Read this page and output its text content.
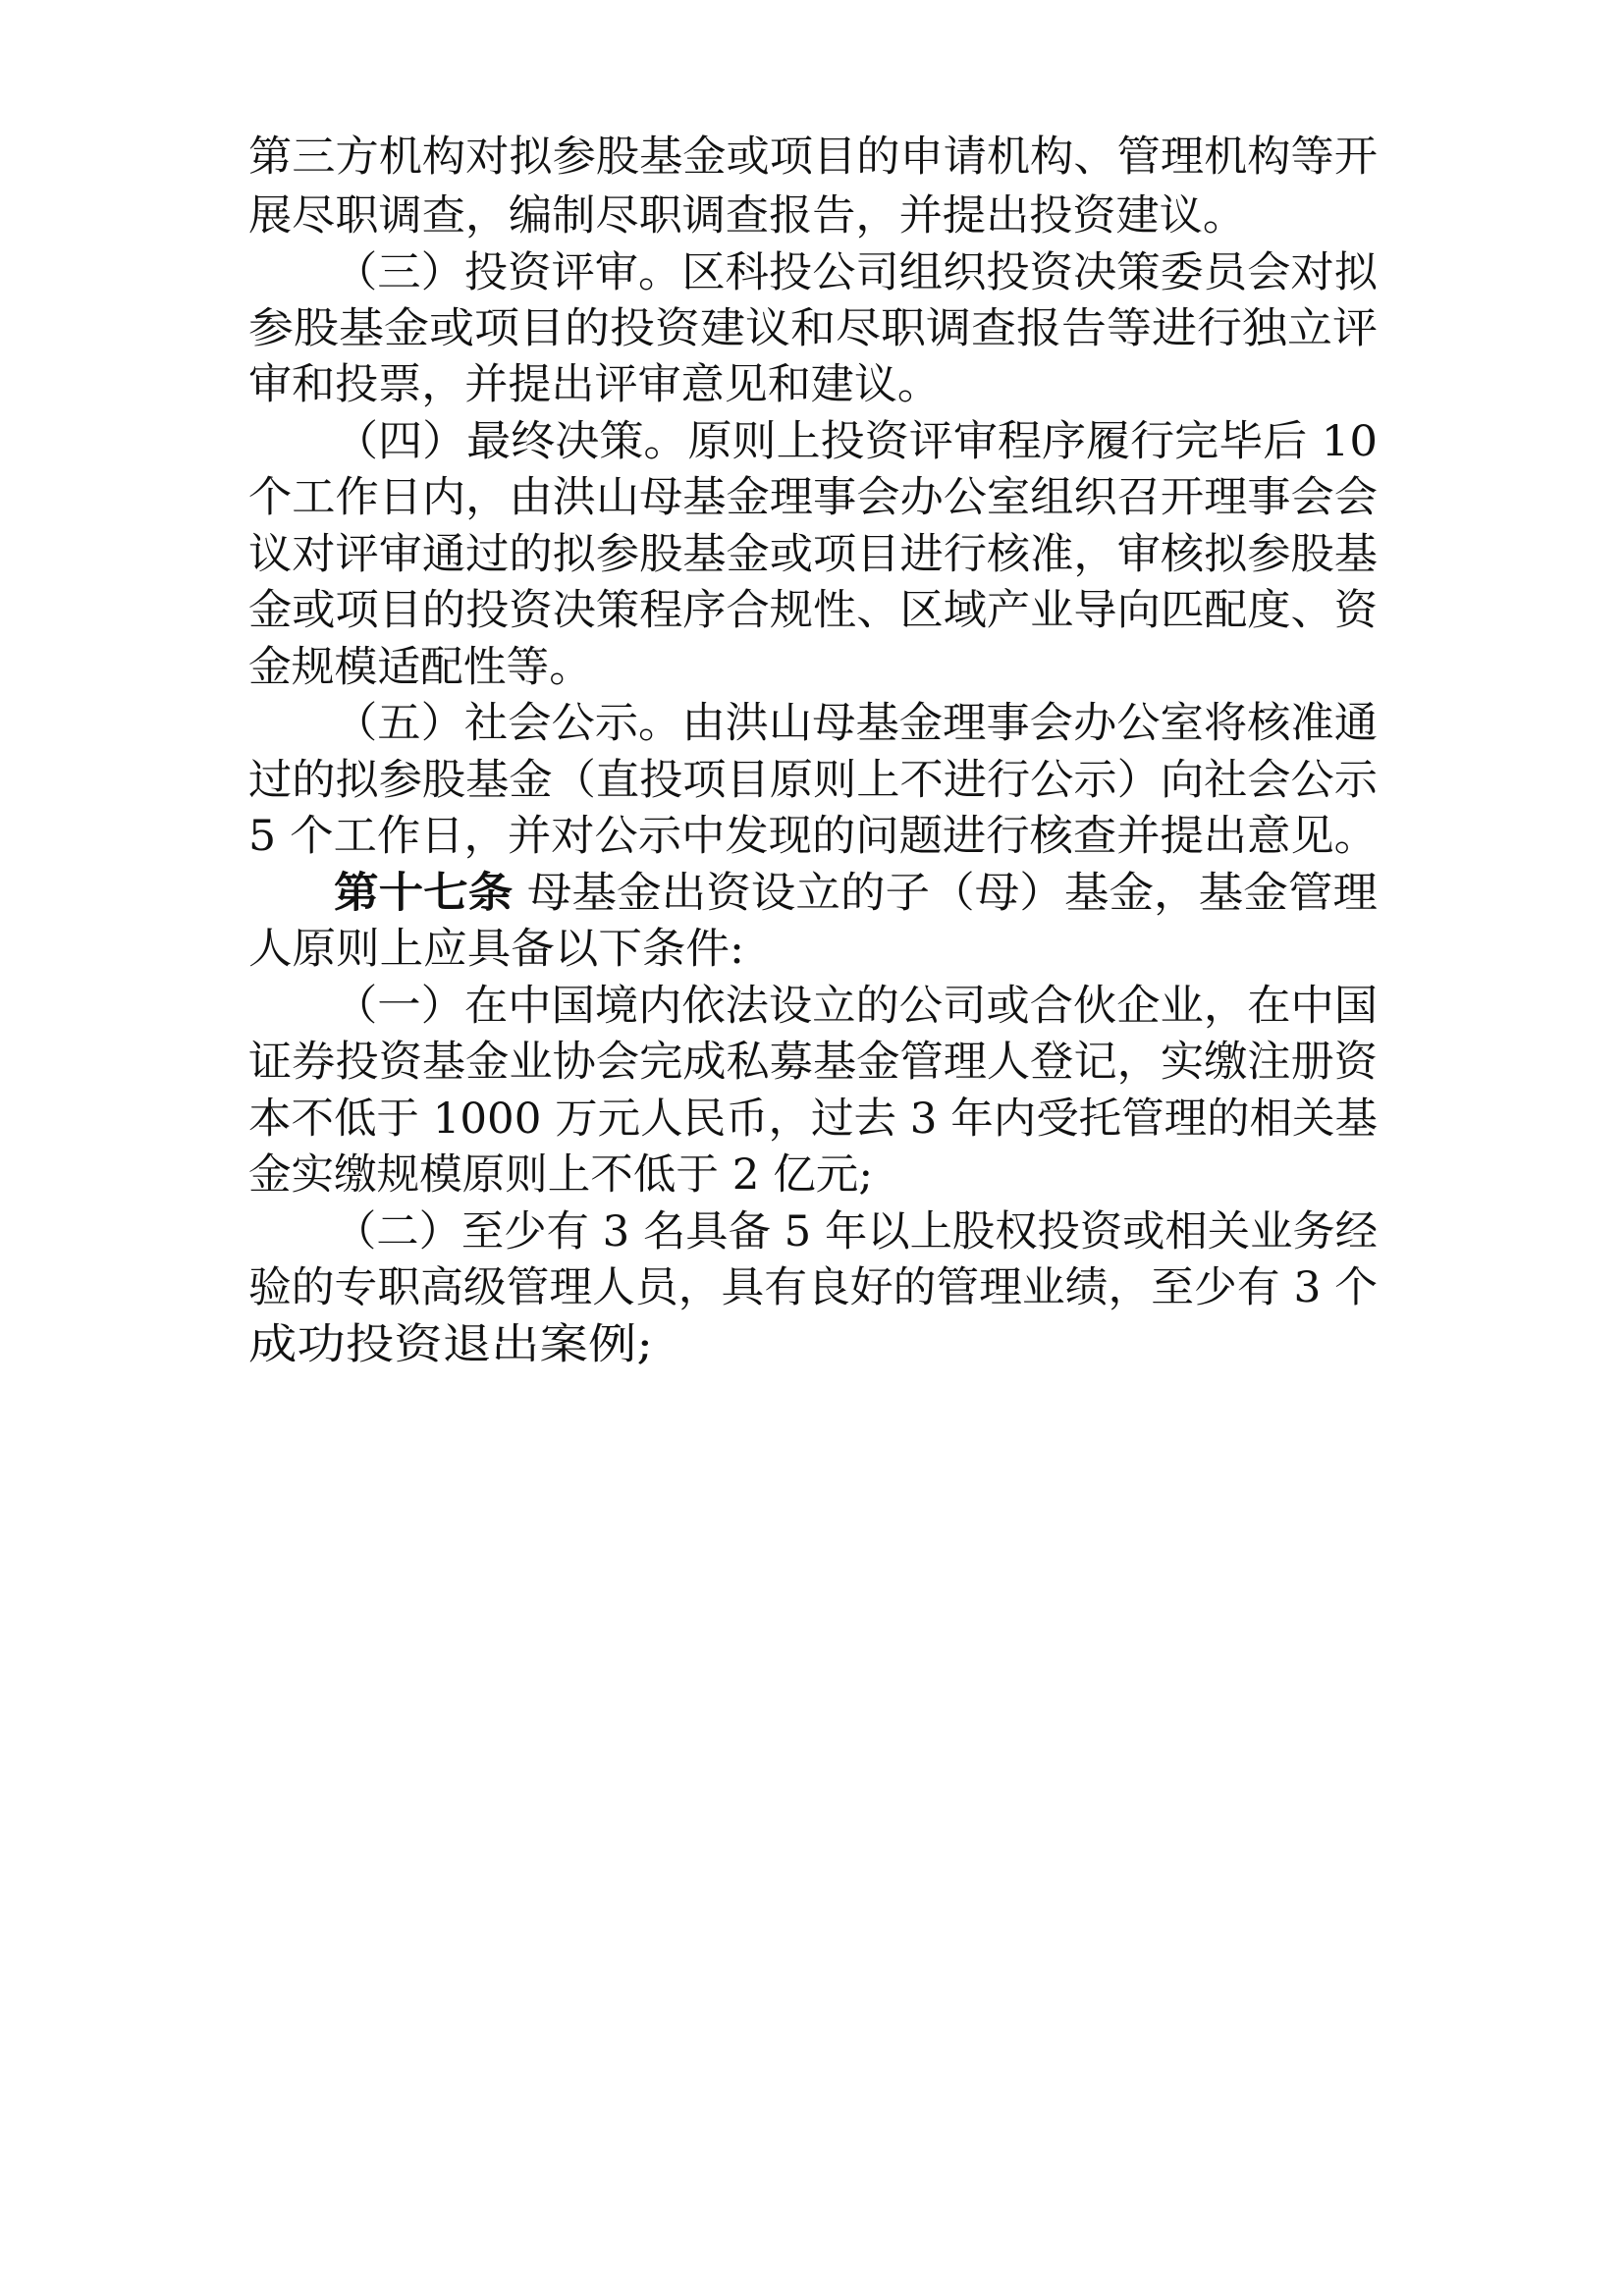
第三方机构对拟参股基金或项目的申请机构、管理机构等开
展尽职调查，编制尽职调查报告，并提出投资建议。
（三）投资评审。区科投公司组织投资决策委员会对拟
参股基金或项目的投资建议和尽职调查报告等进行独立评
审和投票，并提出评审意见和建议。
（四）最终决策。原则上投资评审程序履行完毕后 10
个工作日内，由洪山母基金理事会办公室组织召开理事会会
议对评审通过的拟参股基金或项目进行核准，审核拟参股基
金或项目的投资决策程序合规性、区域产业导向匹配度、资
金规模适配性等。
（五）社会公示。由洪山母基金理事会办公室将核准通
过的拟参股基金（直投项目原则上不进行公示）向社会公示
5 个工作日，并对公示中发现的问题进行核查并提出意见。
第十七条 母基金出资设立的子（母）基金，基金管理
人原则上应具备以下条件:
（一）在中国境内依法设立的公司或合伙企业，在中国
证券投资基金业协会完成私募基金管理人登记，实缴注册资
本不低于 1000 万元人民币，过去 3 年内受托管理的相关基
金实缴规模原则上不低于 2 亿元;
（二）至少有 3 名具备 5 年以上股权投资或相关业务经
验的专职高级管理人员，具有良好的管理业绩，至少有 3 个
成功投资退出案例;
